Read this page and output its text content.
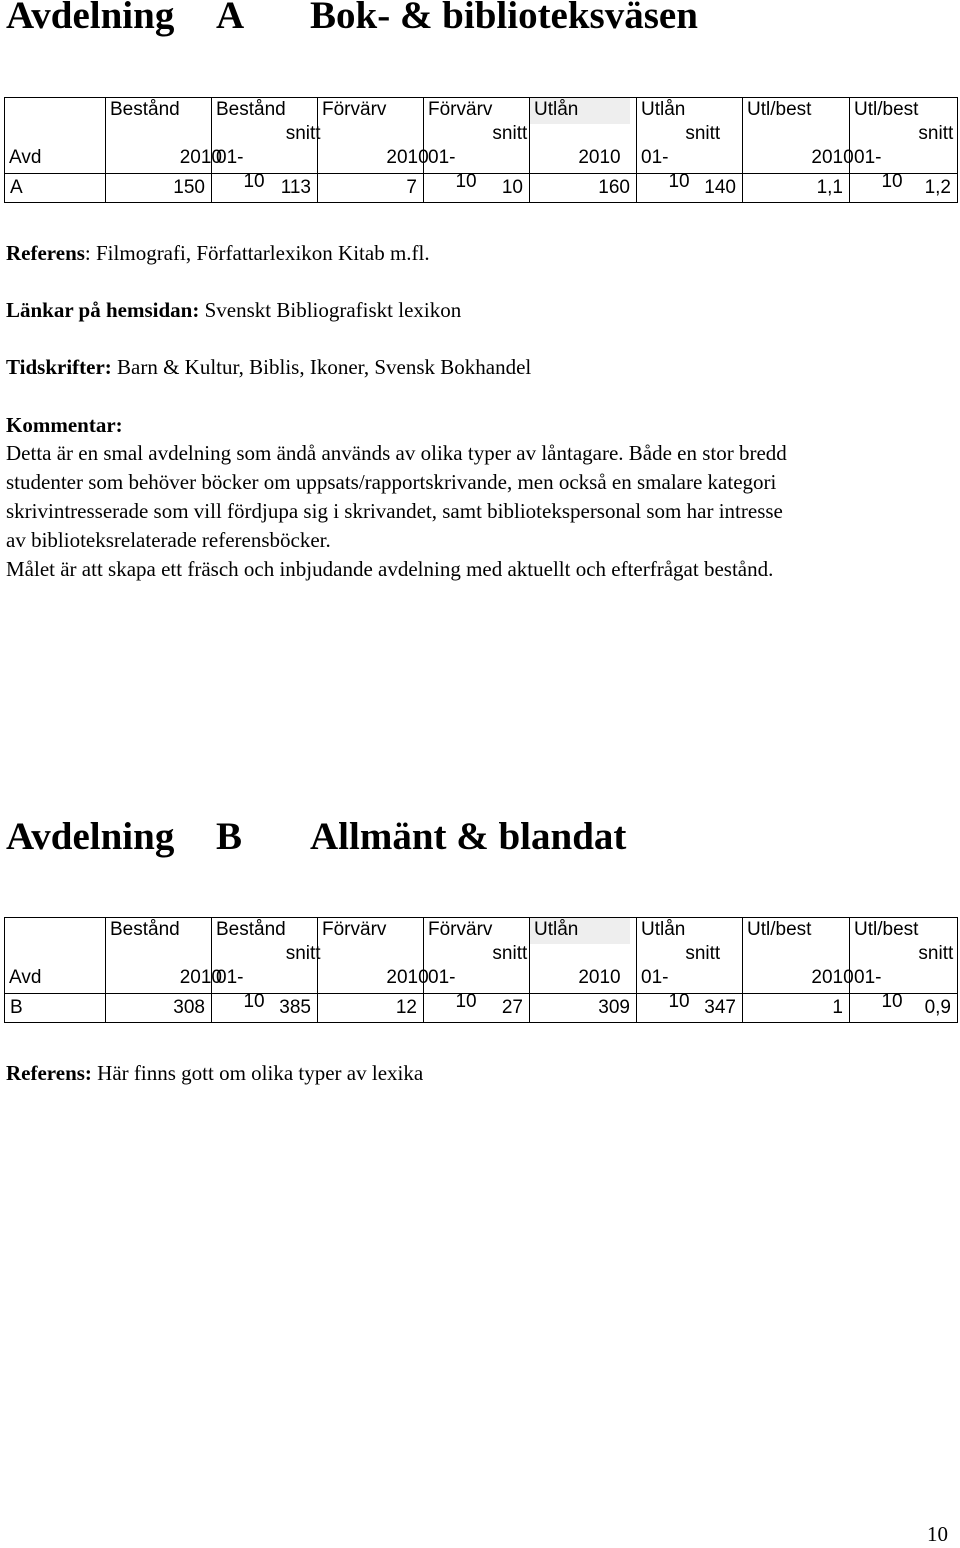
Avdelning A Bok- & biblioteksväsen
Avd	Bestånd2010	Beståndsnitt 01-10	Förvärv2010	Förvärvsnitt 01-10	Utlån2010	Utlånsnitt 01-10	Utl/best2010	Utl/bestsnitt 01-10

A	150	113	7	10	160	140	1,1	1,2

Referens: Filmografi, Författarlexikon Kitab m.fl.

Länkar på hemsidan: Svenskt Bibliografiskt lexikon

Tidskrifter: Barn & Kultur, Biblis, Ikoner, Svensk Bokhandel

Kommentar:

Detta är en smal avdelning som ändå används av olika typer av låntagare. Både en stor bredd
studenter som behöver böcker om uppsats/rapportskrivande, men också en smalare kategori
skrivintresserade som vill fördjupa sig i skrivandet, samt bibliotekspersonal som har intresse
av biblioteksrelaterade referensböcker.
Målet är att skapa ett fräsch och inbjudande avdelning med aktuellt och efterfrågat bestånd.
Avdelning B Allmänt & blandat
Avd	Bestånd2010	Beståndsnitt 01-10	Förvärv2010	Förvärvsnitt 01-10	Utlån2010	Utlånsnitt 01-10	Utl/best2010	Utl/bestsnitt 01-10

B	308	385	12	27	309	347	1	0,9

Referens: Här finns gott om olika typer av lexika

10
